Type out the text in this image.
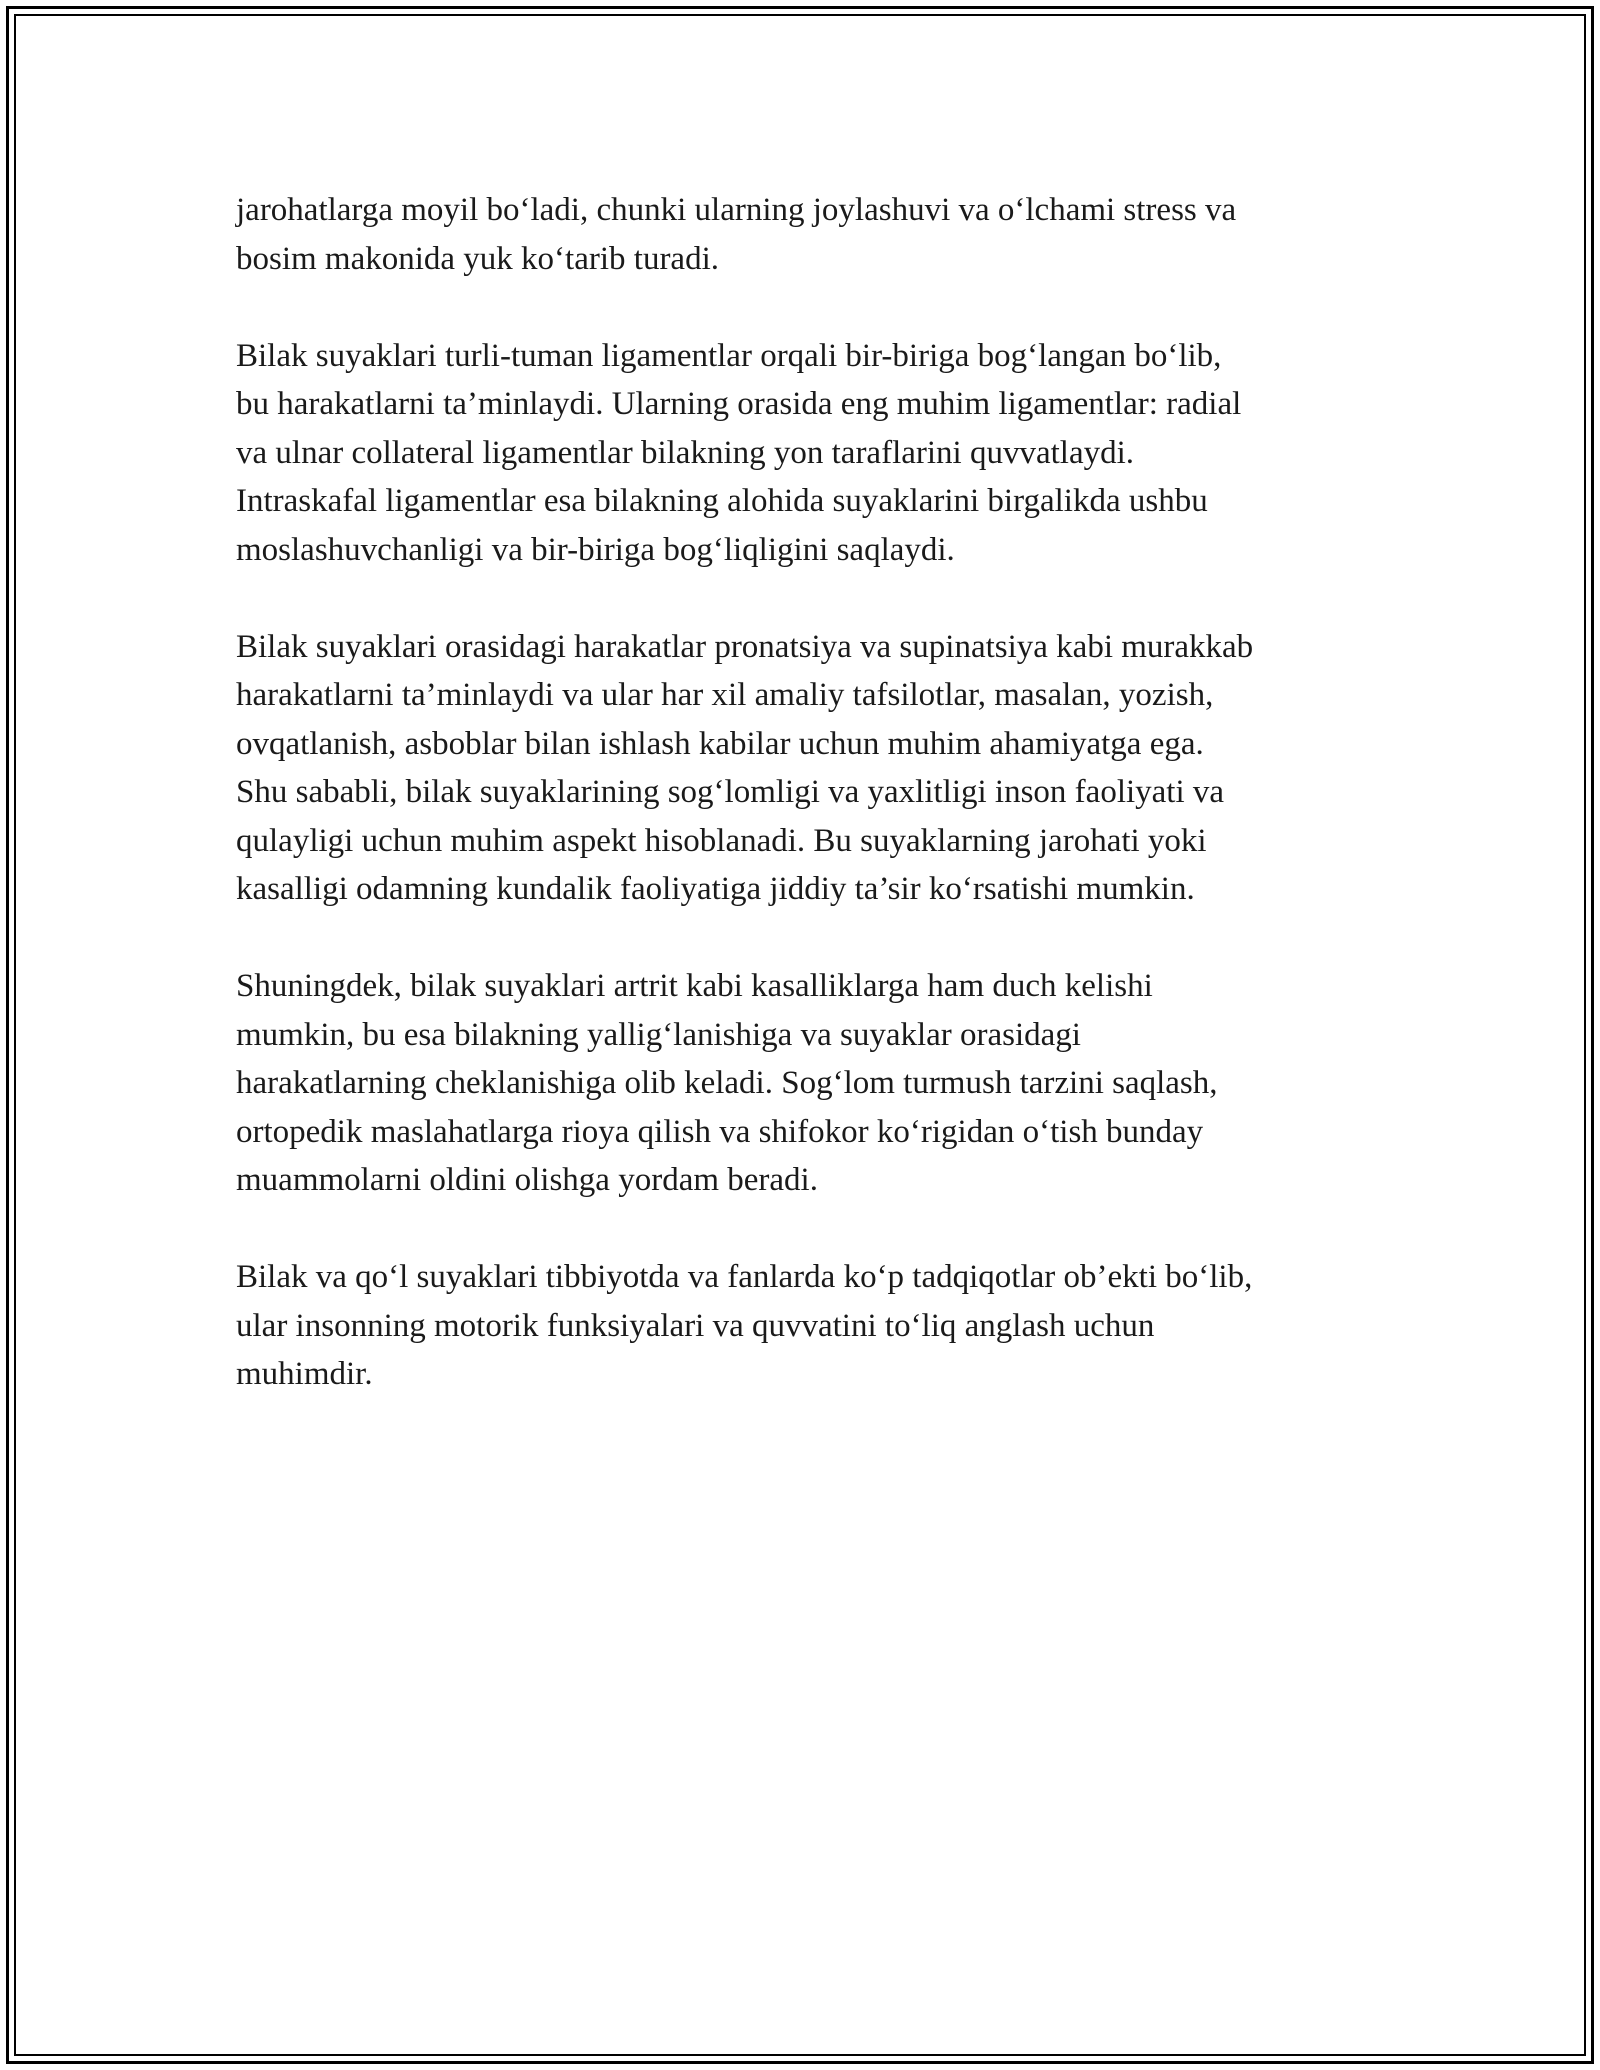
jarohatlarga moyil bo‘ladi, chunki ularning joylashuvi va o‘lchami stress va
bosim makonida yuk ko‘tarib turadi.

Bilak suyaklari turli-tuman ligamentlar orqali bir-biriga bog‘langan bo‘lib,
bu harakatlarni ta’minlaydi. Ularning orasida eng muhim ligamentlar: radial
va ulnar collateral ligamentlar bilakning yon taraflarini quvvatlaydi.
Intraskafal ligamentlar esa bilakning alohida suyaklarini birgalikda ushbu
moslashuvchanligi va bir-biriga bog‘liqligini saqlaydi.

Bilak suyaklari orasidagi harakatlar pronatsiya va supinatsiya kabi murakkab
harakatlarni ta’minlaydi va ular har xil amaliy tafsilotlar, masalan, yozish,
ovqatlanish, asboblar bilan ishlash kabilar uchun muhim ahamiyatga ega.
Shu sababli, bilak suyaklarining sog‘lomligi va yaxlitligi inson faoliyati va
qulayligi uchun muhim aspekt hisoblanadi. Bu suyaklarning jarohati yoki
kasalligi odamning kundalik faoliyatiga jiddiy ta’sir ko‘rsatishi mumkin.

Shuningdek, bilak suyaklari artrit kabi kasalliklarga ham duch kelishi
mumkin, bu esa bilakning yallig‘lanishiga va suyaklar orasidagi
harakatlarning cheklanishiga olib keladi. Sog‘lom turmush tarzini saqlash,
ortopedik maslahatlarga rioya qilish va shifokor ko‘rigidan o‘tish bunday
muammolarni oldini olishga yordam beradi.

Bilak va qo‘l suyaklari tibbiyotda va fanlarda ko‘p tadqiqotlar ob’ekti bo‘lib,
ular insonning motorik funksiyalari va quvvatini to‘liq anglash uchun
muhimdir.
